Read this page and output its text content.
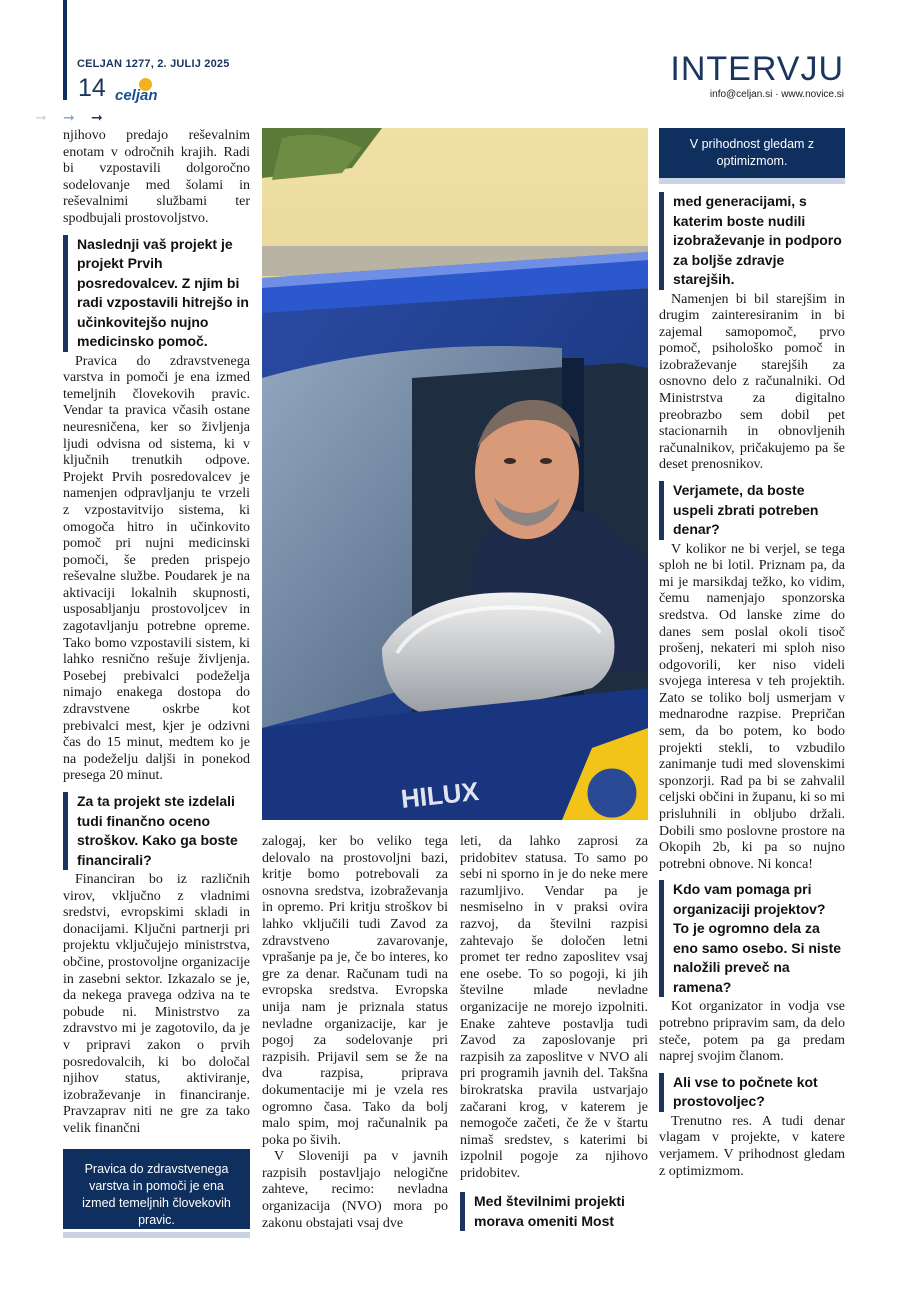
CELJAN 1277, 2. JULIJ 2025
14 celjan
➞ ➞ ➞
INTERVJU
info@celjan.si · www.novice.si

njihovo predajo reševalnim enotam v odročnih krajih. Radi bi vzpostavili dolgoročno sodelovanje med šolami in reševalnimi službami ter spodbujali prostovoljstvo.

Naslednji vaš projekt je projekt Prvih posredovalcev. Z njim bi radi vzpostavili hitrejšo in učinkovitejšo nujno medicinsko pomoč.

Pravica do zdravstvenega varstva in pomoči je ena izmed temeljnih človekovih pravic. Vendar ta pravica včasih ostane neuresničena, ker so življenja ljudi odvisna od sistema, ki v ključnih trenutkih odpove. Projekt Prvih posredovalcev je namenjen odpravljanju te vrzeli z vzpostavitvijo sistema, ki omogoča hitro in učinkovito pomoč pri nujni medicinski pomoči, še preden prispejo reševalne službe. Poudarek je na aktivaciji lokalnih skupnosti, usposabljanju prostovoljcev in zagotavljanju potrebne opreme. Tako bomo vzpostavili sistem, ki lahko resnično rešuje življenja. Posebej prebivalci podeželja nimajo enakega dostopa do zdravstvene oskrbe kot prebivalci mest, kjer je odzivni čas do 15 minut, medtem ko je na podeželju daljši in ponekod presega 20 minut.

Za ta projekt ste izdelali tudi finančno oceno stroškov. Kako ga boste financirali?

Financiran bo iz različnih virov, vključno z vladnimi sredstvi, evropskimi skladi in donacijami. Ključni partnerji pri projektu vključujejo ministrstva, občine, prostovoljne organizacije in zasebni sektor. Izkazalo se je, da nekega pravega odziva na te pobude ni. Ministrstvo za zdravstvo mi je zagotovilo, da je v pripravi zakon o prvih posredovalcih, ki bo določal njihov status, aktiviranje, izobraževanje in financiranje. Pravzaprav niti ne gre za tako velik finančni

Pravica do zdravstvenega varstva in pomoči je ena izmed temeljnih človekovih pravic.
HILUX

zalogaj, ker bo veliko tega delovalo na prostovoljni bazi, kritje bomo potrebovali za osnovna sredstva, izobraževanja in opremo. Pri kritju stroškov bi lahko vključili tudi Zavod za zdravstveno zavarovanje, vprašanje pa je, če bo interes, ko gre za denar. Računam tudi na evropska sredstva. Evropska unija nam je priznala status nevladne organizacije, kar je pogoj za sodelovanje pri razpisih. Prijavil sem se že na dva razpisa, priprava dokumentacije mi je vzela res ogromno časa. Tako da bolj malo spim, moj računalnik pa poka po šivih.

V Sloveniji pa v javnih razpisih postavljajo nelogične zahteve, recimo: nevladna organizacija (NVO) mora po zakonu obstajati vsaj dve

leti, da lahko zaprosi za pridobitev statusa. To samo po sebi ni sporno in je do neke mere razumljivo. Vendar pa je nesmiselno in v praksi ovira razvoj, da številni razpisi zahtevajo še določen letni promet ter redno zaposlitev vsaj ene osebe. To so pogoji, ki jih številne mlade nevladne organizacije ne morejo izpolniti. Enake zahteve postavlja tudi Zavod za zaposlovanje pri razpisih za zaposlitve v NVO ali pri programih javnih del. Takšna birokratska pravila ustvarjajo začarani krog, v katerem je nemogoče začeti, če že v štartu nimaš sredstev, s katerimi bi izpolnil pogoje za njihovo pridobitev.

Med številnimi projekti morava omeniti Most
V prihodnost gledam z optimizmom.
med generacijami, s katerim boste nudili izobraževanje in podporo za boljše zdravje starejših.

Namenjen bi bil starejšim in drugim zainteresiranim in bi zajemal samopomoč, prvo pomoč, psihološko pomoč in izobraževanje starejših za osnovno delo z računalniki. Od Ministrstva za digitalno preobrazbo sem dobil pet stacionarnih in obnovljenih računalnikov, pričakujemo pa še deset prenosnikov.

Verjamete, da boste uspeli zbrati potreben denar?

V kolikor ne bi verjel, se tega sploh ne bi lotil. Priznam pa, da mi je marsikdaj težko, ko vidim, čemu namenjajo sponzorska sredstva. Od lanske zime do danes sem poslal okoli tisoč prošenj, nekateri mi sploh niso odgovorili, ker niso videli svojega interesa v teh projektih. Zato se toliko bolj usmerjam v mednarodne razpise. Prepričan sem, da bo potem, ko bodo projekti stekli, to vzbudilo zanimanje tudi med slovenskimi sponzorji. Rad pa bi se zahvalil celjski občini in županu, ki so mi prisluhnili in obljubo držali. Dobili smo poslovne prostore na Okopih 2b, ki pa so nujno potrebni obnove. Ni konca!

Kdo vam pomaga pri organizaciji projektov? To je ogromno dela za eno samo osebo. Si niste naložili preveč na ramena?

Kot organizator in vodja vse potrebno pripravim sam, da delo steče, potem pa ga predam naprej svojim članom.

Ali vse to počnete kot prostovoljec?

Trenutno res. A tudi denar vlagam v projekte, v katere verjamem. V prihodnost gledam z optimizmom.
